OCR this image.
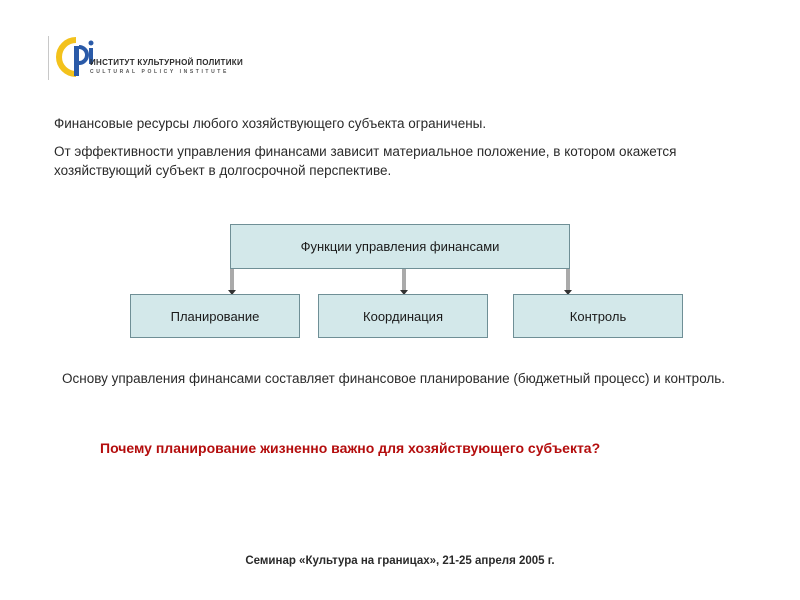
ИНСТИТУТ КУЛЬТУРНОЙ ПОЛИТИКИ
CULTURAL POLICY INSTITUTE
Финансовые ресурсы любого хозяйствующего субъекта ограничены.
От эффективности управления финансами зависит материальное положение, в котором окажется хозяйствующий субъект в долгосрочной перспективе.
Функции управления финансами
Планирование	Координация	Контроль
Основу управления финансами составляет финансовое планирование (бюджетный процесс) и контроль.
Почему планирование жизненно важно для хозяйствующего субъекта?
Семинар «Культура на границах», 21-25 апреля 2005 г.
